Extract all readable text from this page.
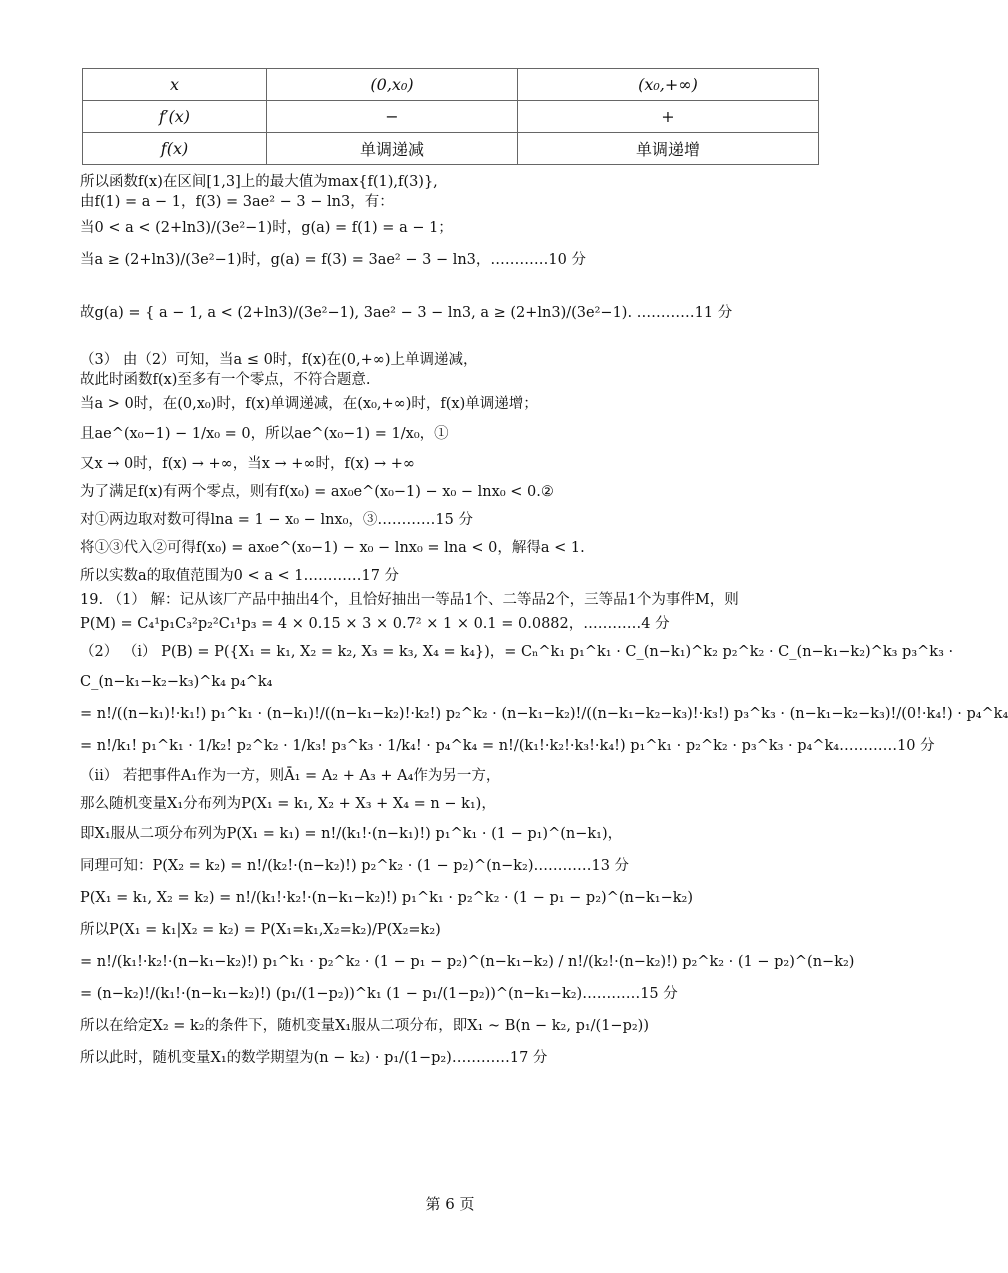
x	(0,x₀)	(x₀,+∞)
f′(x)	−	+
f(x)	单调递减	单调递增
所以函数f(x)在区间[1,3]上的最大值为max{f(1),f(3)},
由f(1) = a − 1，f(3) = 3ae² − 3 − ln3，有：
当0 < a < (2+ln3)/(3e²−1)时，g(a) = f(1) = a − 1；
当a ≥ (2+ln3)/(3e²−1)时，g(a) = f(3) = 3ae² − 3 − ln3，…………10 分
故g(a) = { a − 1, a < (2+ln3)/(3e²−1), 3ae² − 3 − ln3, a ≥ (2+ln3)/(3e²−1). …………11 分
（3） 由（2）可知，当a ≤ 0时，f(x)在(0,+∞)上单调递减，
故此时函数f(x)至多有一个零点，不符合题意.
当a > 0时，在(0,x₀)时，f(x)单调递减，在(x₀,+∞)时，f(x)单调递增；
且ae^(x₀−1) − 1/x₀ = 0，所以ae^(x₀−1) = 1/x₀，①
又x → 0时，f(x) → +∞，当x → +∞时，f(x) → +∞
为了满足f(x)有两个零点，则有f(x₀) = ax₀e^(x₀−1) − x₀ − lnx₀ < 0.②
对①两边取对数可得lna = 1 − x₀ − lnx₀，③…………15 分
将①③代入②可得f(x₀) = ax₀e^(x₀−1) − x₀ − lnx₀ = lna < 0，解得a < 1.
所以实数a的取值范围为0 < a < 1…………17 分
19. （1） 解：记从该厂产品中抽出4个，且恰好抽出一等品1个、二等品2个，三等品1个为事件M，则
P(M) = C₄¹p₁C₃²p₂²C₁¹p₃ = 4 × 0.15 × 3 × 0.7² × 1 × 0.1 = 0.0882，…………4 分
（2） （i） P(B) = P({X₁ = k₁, X₂ = k₂, X₃ = k₃, X₄ = k₄})，= Cₙ^k₁ p₁^k₁ · C_(n−k₁)^k₂ p₂^k₂ · C_(n−k₁−k₂)^k₃ p₃^k₃ ·
C_(n−k₁−k₂−k₃)^k₄ p₄^k₄
= n!/((n−k₁)!·k₁!) p₁^k₁ · (n−k₁)!/((n−k₁−k₂)!·k₂!) p₂^k₂ · (n−k₁−k₂)!/((n−k₁−k₂−k₃)!·k₃!) p₃^k₃ · (n−k₁−k₂−k₃)!/(0!·k₄!) · p₄^k₄
= n!/k₁! p₁^k₁ · 1/k₂! p₂^k₂ · 1/k₃! p₃^k₃ · 1/k₄! · p₄^k₄ = n!/(k₁!·k₂!·k₃!·k₄!) p₁^k₁ · p₂^k₂ · p₃^k₃ · p₄^k₄…………10 分
（ii） 若把事件A₁作为一方，则Ā₁ = A₂ + A₃ + A₄作为另一方，
那么随机变量X₁分布列为P(X₁ = k₁, X₂ + X₃ + X₄ = n − k₁)，
即X₁服从二项分布列为P(X₁ = k₁) = n!/(k₁!·(n−k₁)!) p₁^k₁ · (1 − p₁)^(n−k₁)，
同理可知：P(X₂ = k₂) = n!/(k₂!·(n−k₂)!) p₂^k₂ · (1 − p₂)^(n−k₂)…………13 分
P(X₁ = k₁, X₂ = k₂) = n!/(k₁!·k₂!·(n−k₁−k₂)!) p₁^k₁ · p₂^k₂ · (1 − p₁ − p₂)^(n−k₁−k₂)
所以P(X₁ = k₁|X₂ = k₂) = P(X₁=k₁,X₂=k₂)/P(X₂=k₂)
= n!/(k₁!·k₂!·(n−k₁−k₂)!) p₁^k₁ · p₂^k₂ · (1 − p₁ − p₂)^(n−k₁−k₂) / n!/(k₂!·(n−k₂)!) p₂^k₂ · (1 − p₂)^(n−k₂)
= (n−k₂)!/(k₁!·(n−k₁−k₂)!) (p₁/(1−p₂))^k₁ (1 − p₁/(1−p₂))^(n−k₁−k₂)…………15 分
所以在给定X₂ = k₂的条件下，随机变量X₁服从二项分布，即X₁ ~ B(n − k₂, p₁/(1−p₂))
所以此时，随机变量X₁的数学期望为(n − k₂) · p₁/(1−p₂)…………17 分
第 6 页
